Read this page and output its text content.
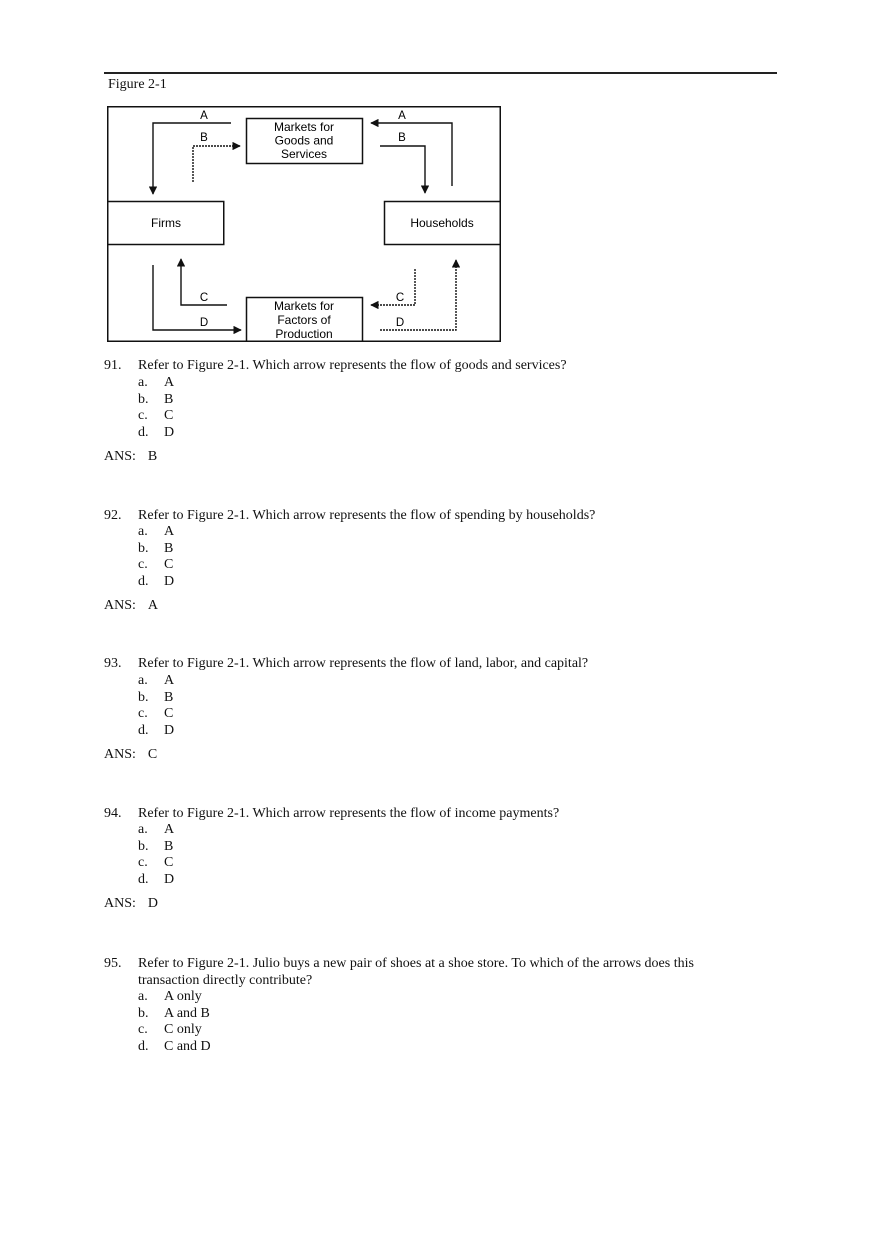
Figure 2-1
Markets for
Goods and
Services
Firms	Households
Markets for
Factors of
Production
A
B
A
B
C
D
C
D
91. Refer to Figure 2-1. Which arrow represents the flow of goods and services?
a. A
b. B
c. C
d. D
ANS: B
92. Refer to Figure 2-1. Which arrow represents the flow of spending by households?
a. A
b. B
c. C
d. D
ANS: A
93. Refer to Figure 2-1. Which arrow represents the flow of land, labor, and capital?
a. A
b. B
c. C
d. D
ANS: C
94. Refer to Figure 2-1. Which arrow represents the flow of income payments?
a. A
b. B
c. C
d. D
ANS: D
95. Refer to Figure 2-1. Julio buys a new pair of shoes at a shoe store. To which of the arrows does this
transaction directly contribute?
a. A only
b. A and B
c. C only
d. C and D
